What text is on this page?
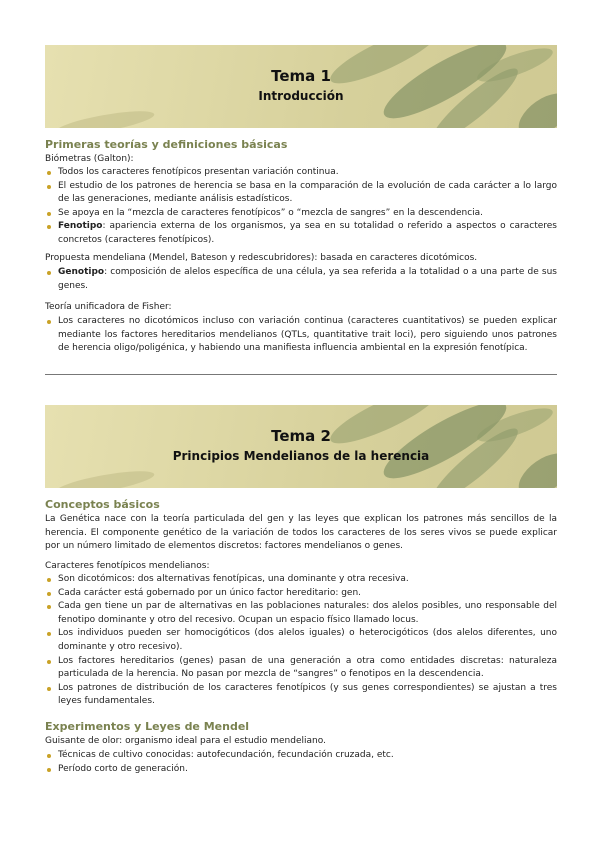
Tema 1
Introducción
Primeras teorías y definiciones básicas
Biómetras (Galton):
Todos los caracteres fenotípicos presentan variación continua.
El estudio de los patrones de herencia se basa en la comparación de la evolución de cada carácter a lo largo de las generaciones, mediante análisis estadísticos.
Se apoya en la “mezcla de caracteres fenotípicos” o “mezcla de sangres” en la descendencia.
Fenotipo: apariencia externa de los organismos, ya sea en su totalidad o referido a aspectos o caracteres concretos (caracteres fenotípicos).
Propuesta mendeliana (Mendel, Bateson y redescubridores): basada en caracteres dicotómicos.
Genotipo: composición de alelos específica de una célula, ya sea referida a la totalidad o a una parte de sus genes.
Teoría unificadora de Fisher:
Los caracteres no dicotómicos incluso con variación continua (caracteres cuantitativos) se pueden explicar mediante los factores hereditarios mendelianos (QTLs, quantitative trait loci), pero siguiendo unos patrones de herencia oligo/poligénica, y habiendo una manifiesta influencia ambiental en la expresión fenotípica.
Tema 2
Principios Mendelianos de la herencia
Conceptos básicos
La Genética nace con la teoría particulada del gen y las leyes que explican los patrones más sencillos de la herencia. El componente genético de la variación de todos los caracteres de los seres vivos se puede explicar por un número limitado de elementos discretos: factores mendelianos o genes.
Caracteres fenotípicos mendelianos:
Son dicotómicos: dos alternativas fenotípicas, una dominante y otra recesiva.
Cada carácter está gobernado por un único factor hereditario: gen.
Cada gen tiene un par de alternativas en las poblaciones naturales: dos alelos posibles, uno responsable del fenotipo dominante y otro del recesivo. Ocupan un espacio físico llamado locus.
Los individuos pueden ser homocigóticos (dos alelos iguales) o heterocigóticos (dos alelos diferentes, uno dominante y otro recesivo).
Los factores hereditarios (genes) pasan de una generación a otra como entidades discretas: naturaleza particulada de la herencia. No pasan por mezcla de “sangres” o fenotipos en la descendencia.
Los patrones de distribución de los caracteres fenotípicos (y sus genes correspondientes) se ajustan a tres leyes fundamentales.
Experimentos y Leyes de Mendel
Guisante de olor: organismo ideal para el estudio mendeliano.
Técnicas de cultivo conocidas: autofecundación, fecundación cruzada, etc.
Período corto de generación.
